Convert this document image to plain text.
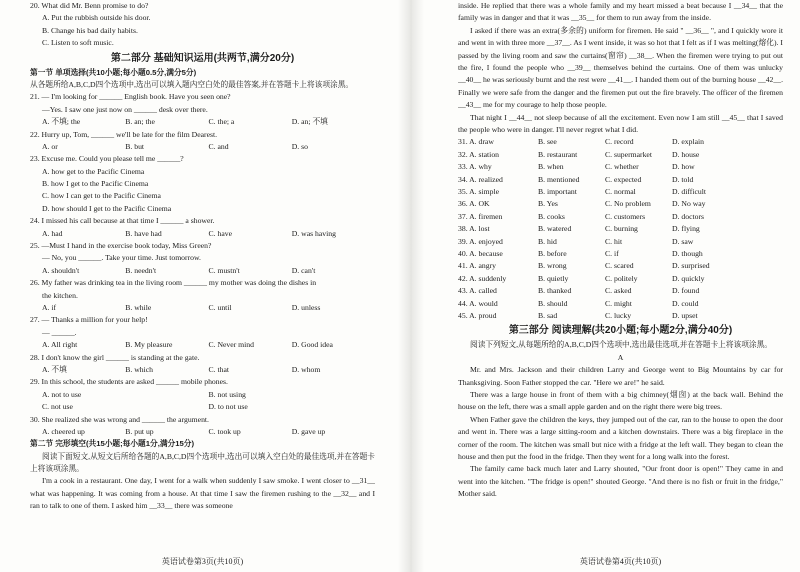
20. What did Mr. Benn promise to do?
A. Put the rubbish outside his door.
B. Change his bad daily habits.
C. Listen to soft music.
第二部分 基础知识运用(共两节,满分20分)
第一节 单项选择(共10小题;每小题0.5分,满分5分)
从各题所给A,B,C,D四个选项中,选出可以填入题内空白处的最佳答案,并在答题卡上将该项涂黑。
21. — I'm looking for ______ English book. Have you seen one?
—Yes. I saw one just now on ______ desk over there.
A. 不填; the	B. an; the	C. the; a	D. an; 不填
22. Hurry up, Tom, ______ we'll be late for the film Dearest.
A. or	B. but	C. and	D. so
23. Excuse me. Could you please tell me ______?
A. how get to the Pacific Cinema
B. how I get to the Pacific Cinema
C. how I can get to the Pacific Cinema
D. how should I get to the Pacific Cinema
24. I missed his call because at that time I ______ a shower.
A. had	B. have had	C. have	D. was having
25. —Must I hand in the exercise book today, Miss Green?
— No, you ______. Take your time. Just tomorrow.
A. shouldn't	B. needn't	C. mustn't	D. can't
26. My father was drinking tea in the living room ______ my mother was doing the dishes in
the kitchen.
A. if	B. while	C. until	D. unless
27. — Thanks a million for your help!
— ______.
A. All right	B. My pleasure	C. Never mind	D. Good idea
28. I don't know the girl ______ is standing at the gate.
A. 不填	B. which	C. that	D. whom
29. In this school, the students are asked ______ mobile phones.
A. not to use	B. not using
C. not use	D. to not use
30. She realized she was wrong and ______ the argument.
A. cheered up	B. put up	C. took up	D. gave up
第二节 完形填空(共15小题;每小题1分,满分15分)
阅读下面短文,从短文后所给各题的A,B,C,D四个选项中,选出可以填入空白处的最佳选项,并在答题卡上将该项涂黑。
I'm a cook in a restaurant. One day, I went for a walk when suddenly I saw smoke. I went closer to __31__ what was happening. It was coming from a house. At that time I saw the firemen rushing to the __32__ and I ran to talk to one of them. I asked him __33__ there was someone
英语试卷第3页(共10页)
inside. He replied that there was a whole family and my heart missed a beat because I __34__ that the family was in danger and that it was __35__ for them to run away from the inside.
I asked if there was an extra(多余的) uniform for firemen. He said " __36__ ", and I quickly wore it and went in with three more __37__. As I went inside, it was so hot that I felt as if I was melting(熔化). I passed by the living room and saw the curtains(窗帘) __38__. When the firemen were trying to put out the fire, I found the people who __39__ themselves behind the curtains. One of them was unlucky __40__ he was seriously burnt and the rest were __41__. I handed them out of the burning house __42__. Finally we were safe from the danger and the firemen put out the fire bravely. The officer of the firemen __43__ me for my courage to help those people.
That night I __44__ not sleep because of all the excitement. Even now I am still __45__ that I saved the people who were in danger. I'll never regret what I did.
31. A. draw	B. see	C. record	D. explain
32. A. station	B. restaurant	C. supermarket	D. house
33. A. why	B. when	C. whether	D. how
34. A. realized	B. mentioned	C. expected	D. told
35. A. simple	B. important	C. normal	D. difficult
36. A. OK	B. Yes	C. No problem	D. No way
37. A. firemen	B. cooks	C. customers	D. doctors
38. A. lost	B. watered	C. burning	D. flying
39. A. enjoyed	B. hid	C. hit	D. saw
40. A. because	B. before	C. if	D. though
41. A. angry	B. wrong	C. scared	D. surprised
42. A. suddenly	B. quietly	C. politely	D. quickly
43. A. called	B. thanked	C. asked	D. found
44. A. would	B. should	C. might	D. could
45. A. proud	B. sad	C. lucky	D. upset
第三部分 阅读理解(共20小题;每小题2分,满分40分)
阅读下列短文,从每题所给的A,B,C,D四个选项中,选出最佳选项,并在答题卡上将该项涂黑。
A
Mr. and Mrs. Jackson and their children Larry and George went to Big Mountains by car for Thanksgiving. Soon Father stopped the car. "Here we are!" he said.
There was a large house in front of them with a big chimney(烟囱) at the back wall. Behind the house on the left, there was a small apple garden and on the right there were big trees.
When Father gave the children the keys, they jumped out of the car, ran to the house to open the door and went in. There was a large sitting-room and a kitchen downstairs. There was a big fireplace in the corner of the room. The kitchen was small but nice with a fridge at the left wall. They began to clean the house and then put the food in the fridge. Then they went for a long walk into the forest.
The family came back much later and Larry shouted, "Our front door is open!" They came in and went into the kitchen. "The fridge is open!" shouted George. "And there is no fish or fruit in the fridge," Mother said.
英语试卷第4页(共10页)
